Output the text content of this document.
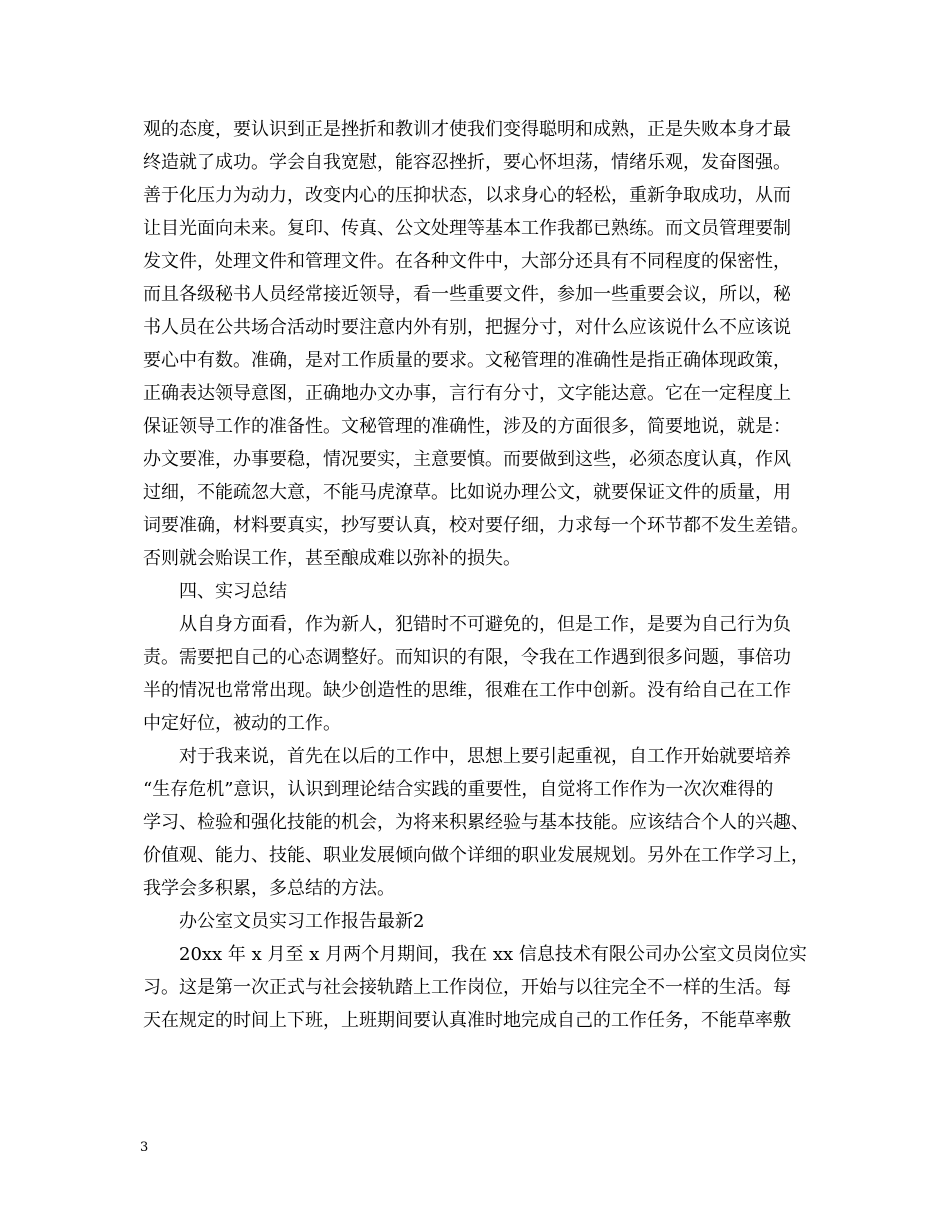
观的态度，要认识到正是挫折和教训才使我们变得聪明和成熟，正是失败本身才最
终造就了成功。学会自我宽慰，能容忍挫折，要心怀坦荡，情绪乐观，发奋图强。
善于化压力为动力，改变内心的压抑状态，以求身心的轻松，重新争取成功，从而
让目光面向未来。复印、传真、公文处理等基本工作我都已熟练。而文员管理要制
发文件，处理文件和管理文件。在各种文件中，大部分还具有不同程度的保密性，
而且各级秘书人员经常接近领导，看一些重要文件，参加一些重要会议，所以，秘
书人员在公共场合活动时要注意内外有别，把握分寸，对什么应该说什么不应该说
要心中有数。准确，是对工作质量的要求。文秘管理的准确性是指正确体现政策，
正确表达领导意图，正确地办文办事，言行有分寸，文字能达意。它在一定程度上
保证领导工作的准备性。文秘管理的准确性，涉及的方面很多，简要地说，就是：
办文要准，办事要稳，情况要实，主意要慎。而要做到这些，必须态度认真，作风
过细，不能疏忽大意，不能马虎潦草。比如说办理公文，就要保证文件的质量，用
词要准确，材料要真实，抄写要认真，校对要仔细，力求每一个环节都不发生差错。
否则就会贻误工作，甚至酿成难以弥补的损失。
四、实习总结
从自身方面看，作为新人，犯错时不可避免的，但是工作，是要为自己行为负
责。需要把自己的心态调整好。而知识的有限，令我在工作遇到很多问题，事倍功
半的情况也常常出现。缺少创造性的思维，很难在工作中创新。没有给自己在工作
中定好位，被动的工作。
对于我来说，首先在以后的工作中，思想上要引起重视，自工作开始就要培养
“生存危机”意识，认识到理论结合实践的重要性，自觉将工作作为一次次难得的
学习、检验和强化技能的机会，为将来积累经验与基本技能。应该结合个人的兴趣、
价值观、能力、技能、职业发展倾向做个详细的职业发展规划。另外在工作学习上，
我学会多积累，多总结的方法。
办公室文员实习工作报告最新2
20xx 年 x 月至 x 月两个月期间，我在 xx 信息技术有限公司办公室文员岗位实
习。这是第一次正式与社会接轨踏上工作岗位，开始与以往完全不一样的生活。每
天在规定的时间上下班，上班期间要认真准时地完成自己的工作任务，不能草率敷
3
